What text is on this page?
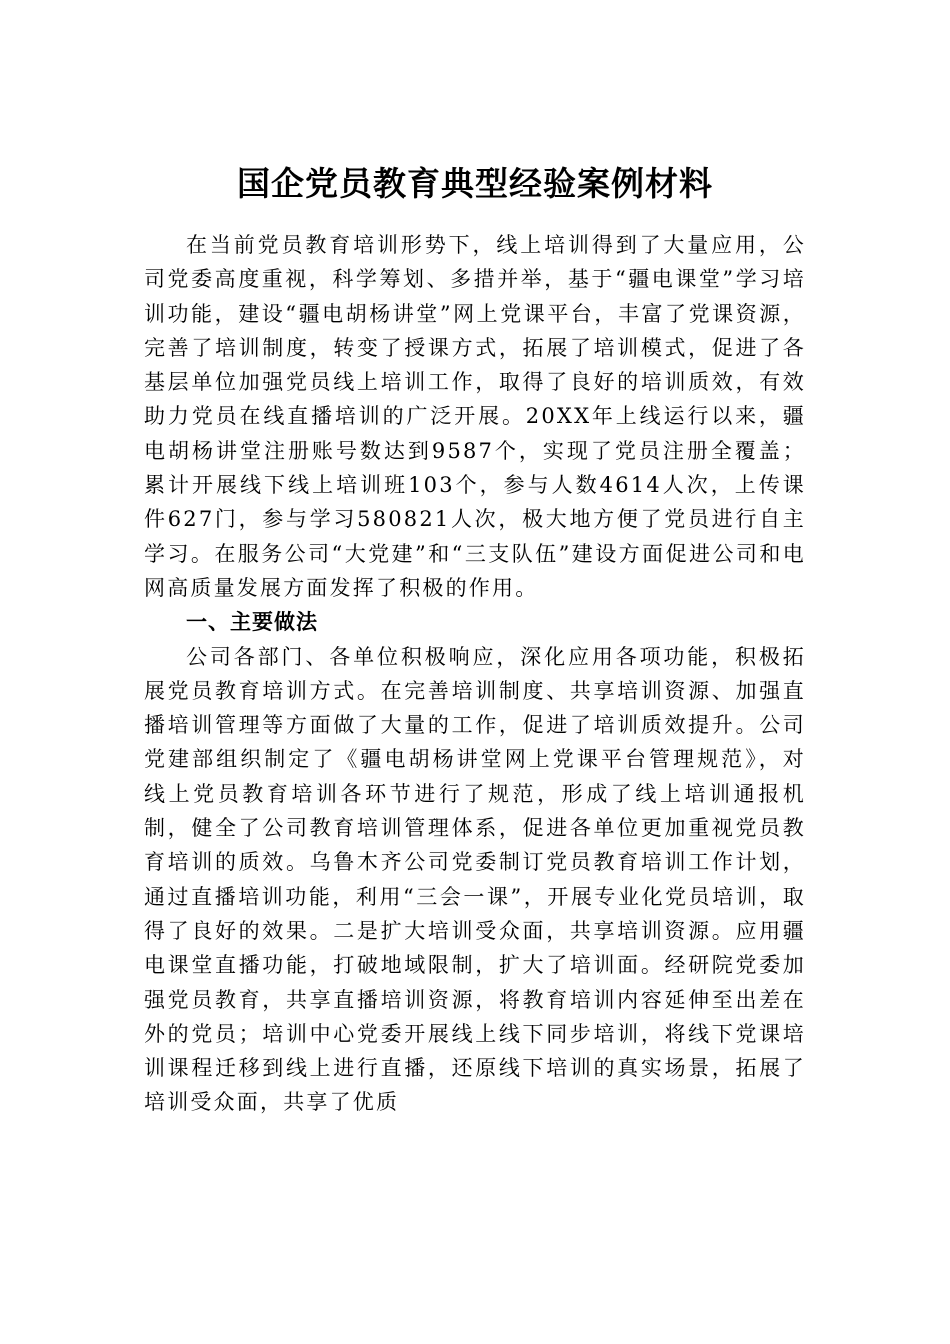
国企党员教育典型经验案例材料

在当前党员教育培训形势下，线上培训得到了大量应用，公司党委高度重视，科学筹划、多措并举，基于“疆电课堂”学习培训功能，建设“疆电胡杨讲堂”网上党课平台，丰富了党课资源，完善了培训制度，转变了授课方式，拓展了培训模式，促进了各基层单位加强党员线上培训工作，取得了良好的培训质效，有效助力党员在线直播培训的广泛开展。20XX年上线运行以来，疆电胡杨讲堂注册账号数达到9587个，实现了党员注册全覆盖；累计开展线下线上培训班103个，参与人数4614人次，上传课件627门，参与学习580821人次，极大地方便了党员进行自主学习。在服务公司“大党建”和“三支队伍”建设方面促进公司和电网高质量发展方面发挥了积极的作用。

一、主要做法

公司各部门、各单位积极响应，深化应用各项功能，积极拓展党员教育培训方式。在完善培训制度、共享培训资源、加强直播培训管理等方面做了大量的工作，促进了培训质效提升。公司党建部组织制定了《疆电胡杨讲堂网上党课平台管理规范》，对线上党员教育培训各环节进行了规范，形成了线上培训通报机制，健全了公司教育培训管理体系，促进各单位更加重视党员教育培训的质效。乌鲁木齐公司党委制订党员教育培训工作计划，通过直播培训功能，利用“三会一课”，开展专业化党员培训，取得了良好的效果。二是扩大培训受众面，共享培训资源。应用疆电课堂直播功能，打破地域限制，扩大了培训面。经研院党委加强党员教育，共享直播培训资源，将教育培训内容延伸至出差在外的党员；培训中心党委开展线上线下同步培训，将线下党课培训课程迁移到线上进行直播，还原线下培训的真实场景，拓展了培训受众面，共享了优质
